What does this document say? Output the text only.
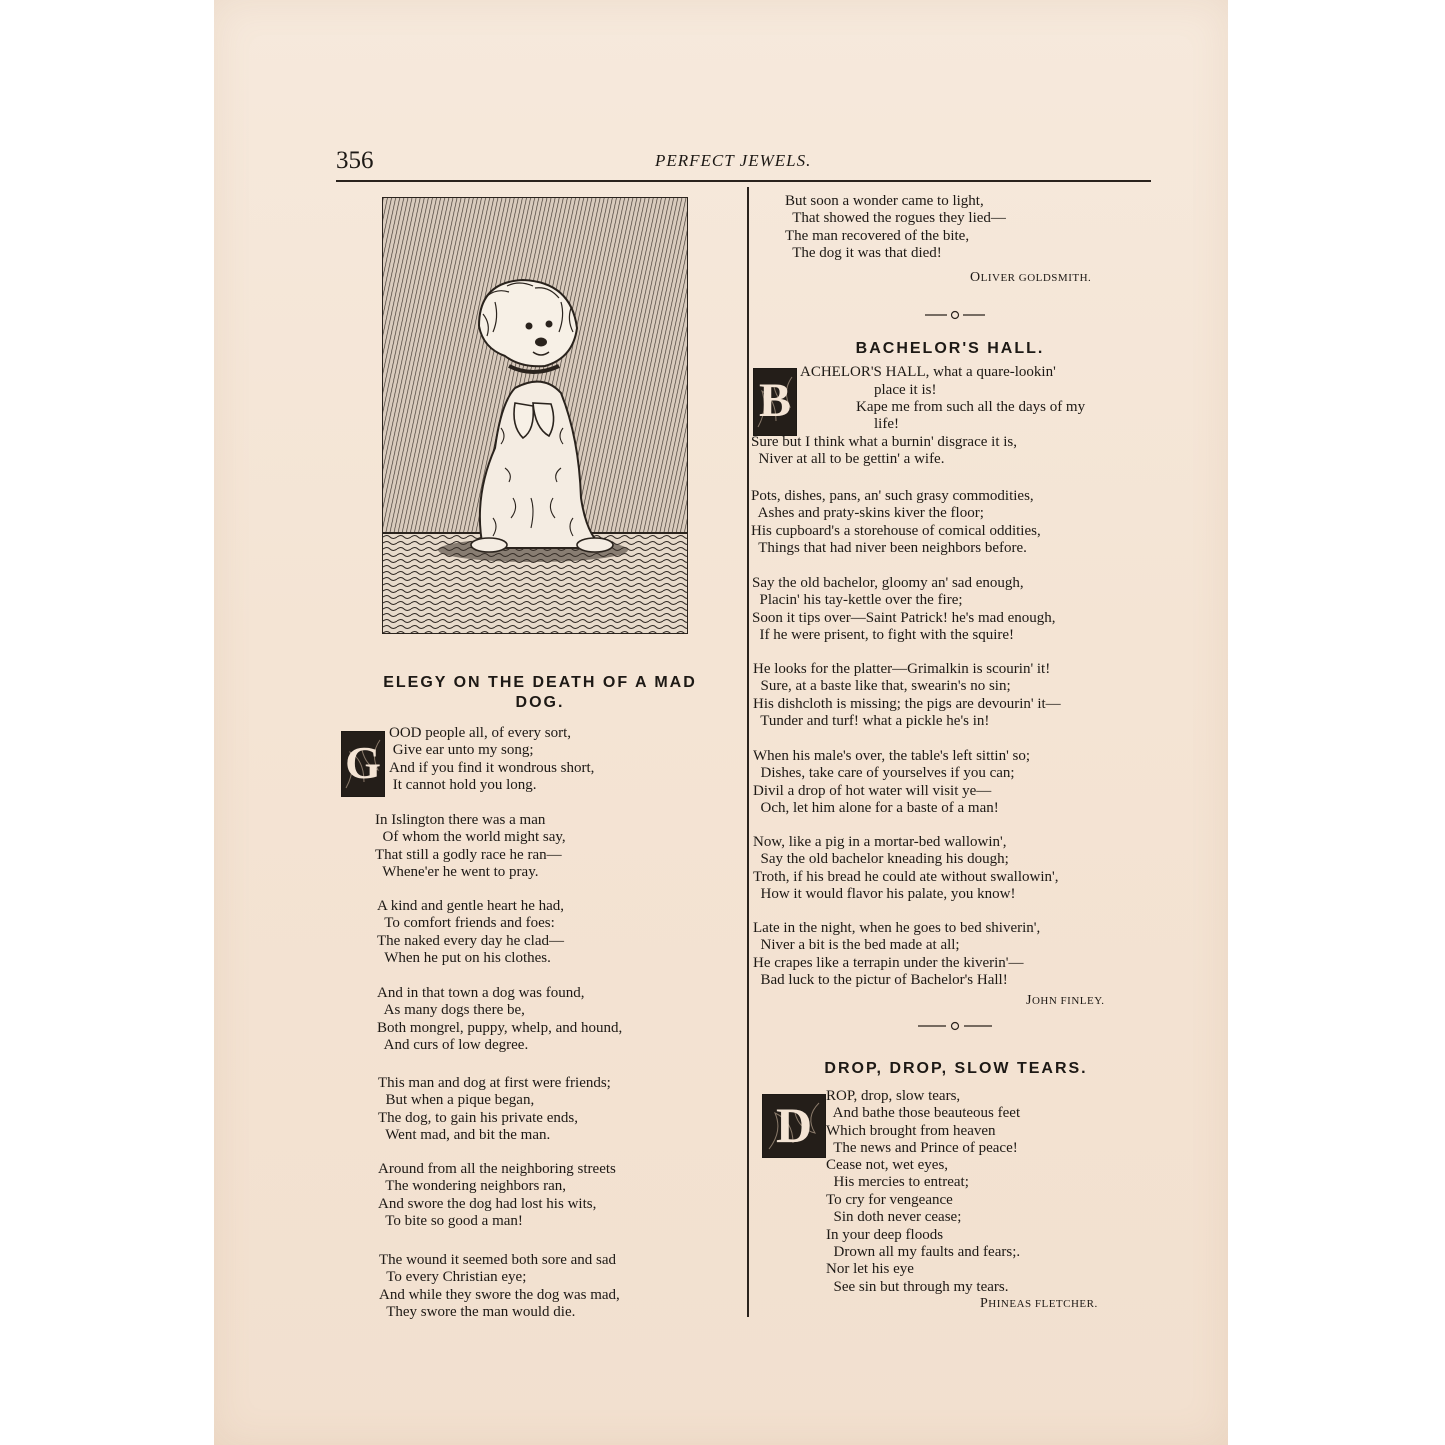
356	PERFECT JEWELS.
ELEGY ON THE DEATH OF A MAD
DOG.
G
OOD people all, of every sort,
Give ear unto my song;
And if you find it wondrous short,
It cannot hold you long.
In Islington there was a man
Of whom the world might say,
That still a godly race he ran—
Whene'er he went to pray.
A kind and gentle heart he had,
To comfort friends and foes:
The naked every day he clad—
When he put on his clothes.
And in that town a dog was found,
As many dogs there be,
Both mongrel, puppy, whelp, and hound,
And curs of low degree.
This man and dog at first were friends;
But when a pique began,
The dog, to gain his private ends,
Went mad, and bit the man.
Around from all the neighboring streets
The wondering neighbors ran,
And swore the dog had lost his wits,
To bite so good a man!
The wound it seemed both sore and sad
To every Christian eye;
And while they swore the dog was mad,
They swore the man would die.
But soon a wonder came to light,
That showed the rogues they lied—
The man recovered of the bite,
The dog it was that died!
OLIVER GOLDSMITH.
BACHELOR'S HALL.
B
ACHELOR'S HALL, what a quare-lookin'
place it is!
Kape me from such all the days of my
life!
Sure but I think what a burnin' disgrace it is,
Niver at all to be gettin' a wife.
Pots, dishes, pans, an' such grasy commodities,
Ashes and praty-skins kiver the floor;
His cupboard's a storehouse of comical oddities,
Things that had niver been neighbors before.
Say the old bachelor, gloomy an' sad enough,
Placin' his tay-kettle over the fire;
Soon it tips over—Saint Patrick! he's mad enough,
If he were prisent, to fight with the squire!
He looks for the platter—Grimalkin is scourin' it!
Sure, at a baste like that, swearin's no sin;
His dishcloth is missing; the pigs are devourin' it—
Tunder and turf! what a pickle he's in!
When his male's over, the table's left sittin' so;
Dishes, take care of yourselves if you can;
Divil a drop of hot water will visit ye—
Och, let him alone for a baste of a man!
Now, like a pig in a mortar-bed wallowin',
Say the old bachelor kneading his dough;
Troth, if his bread he could ate without swallowin',
How it would flavor his palate, you know!
Late in the night, when he goes to bed shiverin',
Niver a bit is the bed made at all;
He crapes like a terrapin under the kiverin'—
Bad luck to the pictur of Bachelor's Hall!
JOHN FINLEY.
DROP, DROP, SLOW TEARS.
D
ROP, drop, slow tears,
And bathe those beauteous feet
Which brought from heaven
The news and Prince of peace!
Cease not, wet eyes,
His mercies to entreat;
To cry for vengeance
Sin doth never cease;
In your deep floods
Drown all my faults and fears;.
Nor let his eye
See sin but through my tears.
PHINEAS FLETCHER.
